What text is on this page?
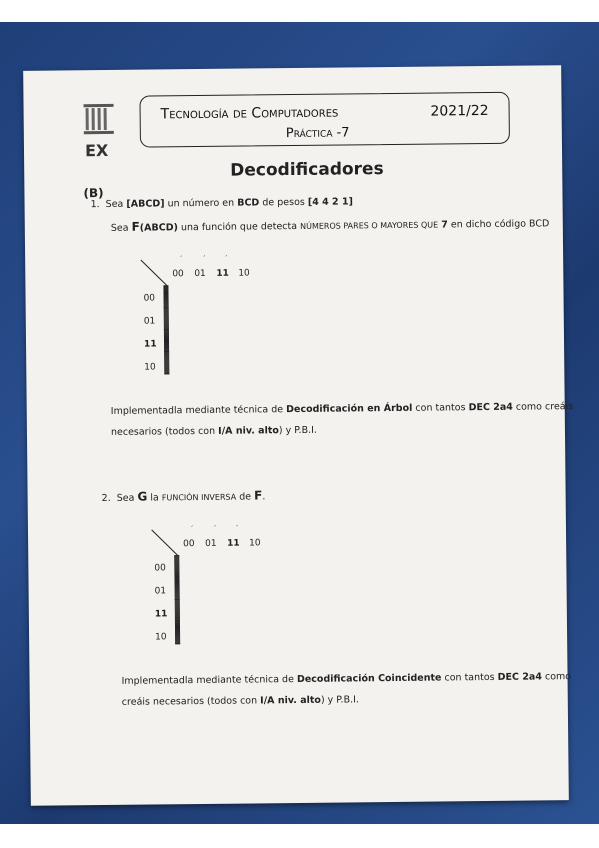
EX
Tecnología de Computadores	2021/22
Práctica -7
Decodificadores
(B)
1. Sea [ABCD] un número en BCD de pesos [4 4 2 1]
Sea F(ABCD) una función que detecta NÚMEROS PARES O MAYORES QUE 7 en dicho código BCD
´	´	´
00 01 11 10
00
01
11
10

Implementadla mediante técnica de Decodificación en Árbol con tantos DEC 2a4 como creáis
necesarios (todos con I/A niv. alto) y P.B.I.
2. Sea G la FUNCIÓN INVERSA de F.
´	´	´
00 01 11 10
00
01
11
10

Implementadla mediante técnica de Decodificación Coincidente con tantos DEC 2a4 como
creáis necesarios (todos con I/A niv. alto) y P.B.I.
